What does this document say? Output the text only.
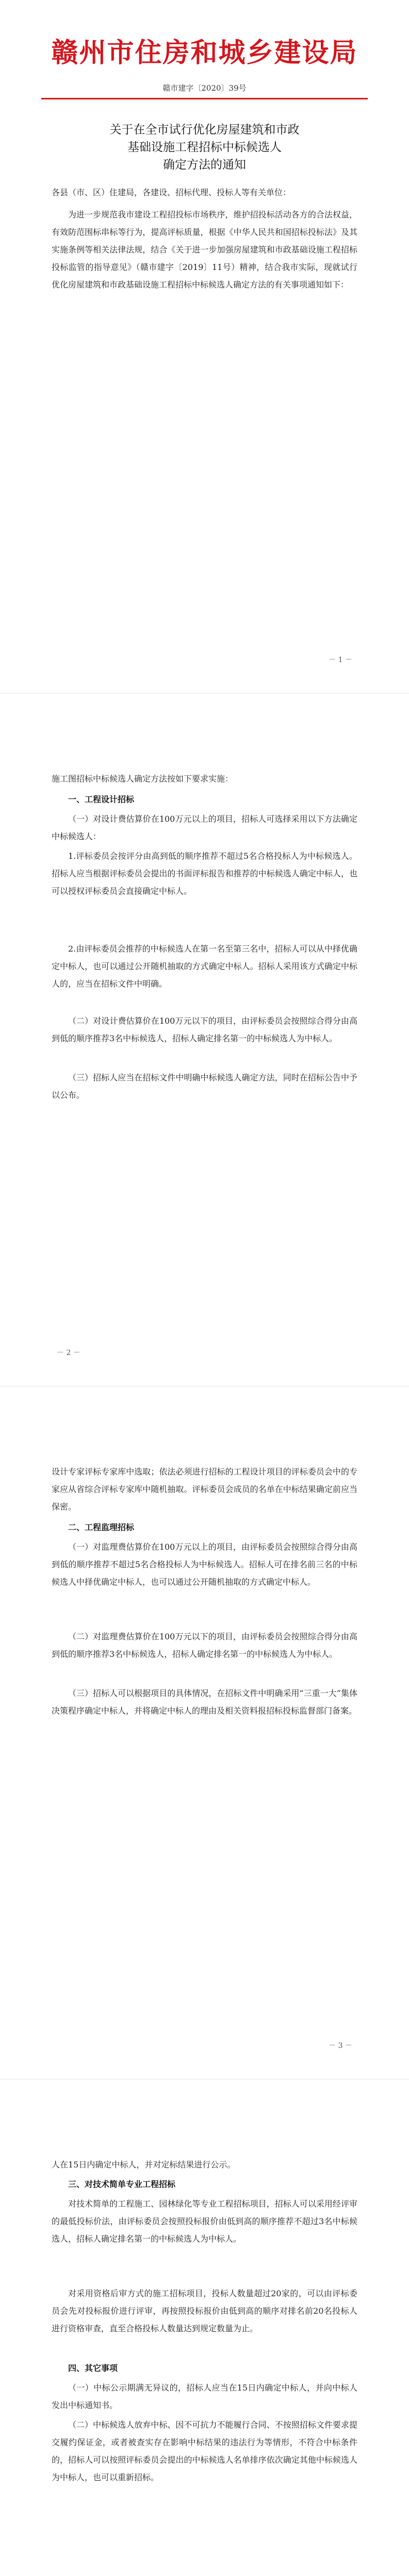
赣州市住房和城乡建设局
赣市建字〔2020〕39号
关于在全市试行优化房屋建筑和市政
基础设施工程招标中标候选人
确定方法的通知
各县（市、区）住建局，各建设、招标代理、投标人等有关单位：
为进一步规范我市建设工程招投标市场秩序，维护招投标活动各方的合法权益，有效防范围标串标等行为，提高评标质量，根据《中华人民共和国招标投标法》及其实施条例等相关法律法规，结合《关于进一步加强房屋建筑和市政基础设施工程招标投标监管的指导意见》（赣市建字〔2019〕11号）精神，结合我市实际，现就试行优化房屋建筑和市政基础设施工程招标中标候选人确定方法的有关事项通知如下：
－ 1 －
施工图招标中标候选人确定方法按如下要求实施：
一、工程设计招标
（一）对设计费估算价在100万元以上的项目，招标人可选择采用以下方法确定中标候选人：
1.评标委员会按评分由高到低的顺序推荐不超过5名合格投标人为中标候选人。招标人应当根据评标委员会提出的书面评标报告和推荐的中标候选人确定中标人，也可以授权评标委员会直接确定中标人。
2.由评标委员会推荐的中标候选人在第一名至第三名中，招标人可以从中择优确定中标人，也可以通过公开随机抽取的方式确定中标人。招标人采用该方式确定中标人的，应当在招标文件中明确。
（二）对设计费估算价在100万元以下的项目，由评标委员会按照综合得分由高到低的顺序推荐3名中标候选人，招标人确定排名第一的中标候选人为中标人。
（三）招标人应当在招标文件中明确中标候选人确定方法，同时在招标公告中予以公布。
－ 2 －
设计专家评标专家库中选取；依法必须进行招标的工程设计项目的评标委员会中的专家应从省综合评标专家库中随机抽取。评标委员会成员的名单在中标结果确定前应当保密。
二、工程监理招标
（一）对监理费估算价在100万元以上的项目，由评标委员会按照综合得分由高到低的顺序推荐不超过5名合格投标人为中标候选人。招标人可在排名前三名的中标候选人中择优确定中标人，也可以通过公开随机抽取的方式确定中标人。
（二）对监理费估算价在100万元以下的项目，由评标委员会按照综合得分由高到低的顺序推荐3名中标候选人，招标人确定排名第一的中标候选人为中标人。
（三）招标人可以根据项目的具体情况，在招标文件中明确采用“三重一大”集体决策程序确定中标人，并将确定中标人的理由及相关资料报招标投标监督部门备案。
－ 3 －
人在15日内确定中标人，并对定标结果进行公示。
三、对技术简单专业工程招标
对技术简单的工程施工、园林绿化等专业工程招标项目，招标人可以采用经评审的最低投标价法，由评标委员会按照投标报价由低到高的顺序推荐不超过3名中标候选人，招标人确定排名第一的中标候选人为中标人。
对采用资格后审方式的施工招标项目，投标人数量超过20家的，可以由评标委员会先对投标报价进行评审，再按照投标报价由低到高的顺序对排名前20名投标人进行资格审查，直至合格投标人数量达到规定数量为止。
四、其它事项
（一）中标公示期满无异议的，招标人应当在15日内确定中标人，并向中标人发出中标通知书。
（二）中标候选人放弃中标、因不可抗力不能履行合同、不按照招标文件要求提交履约保证金，或者被查实存在影响中标结果的违法行为等情形，不符合中标条件的，招标人可以按照评标委员会提出的中标候选人名单排序依次确定其他中标候选人为中标人，也可以重新招标。
